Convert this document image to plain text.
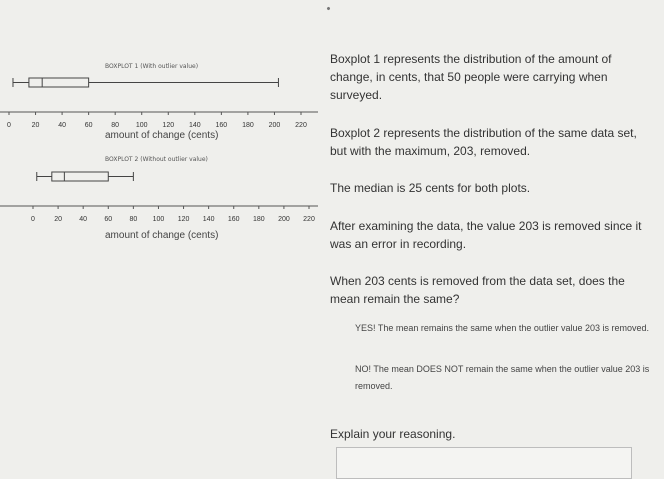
BOXPLOT 1 (With outlier value)
0	20	40	60	80 100 120 140 160 180 200 220
amount of change (cents)
BOXPLOT 2 (Without outlier value)
0	20 40 60 80 100 120 140 160 180 200 220
amount of change (cents)
Boxplot 1 represents the distribution of the amount of change, in cents, that 50 people were carrying when surveyed.
Boxplot 2 represents the distribution of the same data set, but with the maximum, 203, removed.
The median is 25 cents for both plots.
After examining the data, the value 203 is removed since it was an error in recording.
When 203 cents is removed from the data set, does the mean remain the same?
YES! The mean remains the same when the outlier value 203 is removed.
NO! The mean DOES NOT remain the same when the outlier value 203 is removed.
Explain your reasoning.
